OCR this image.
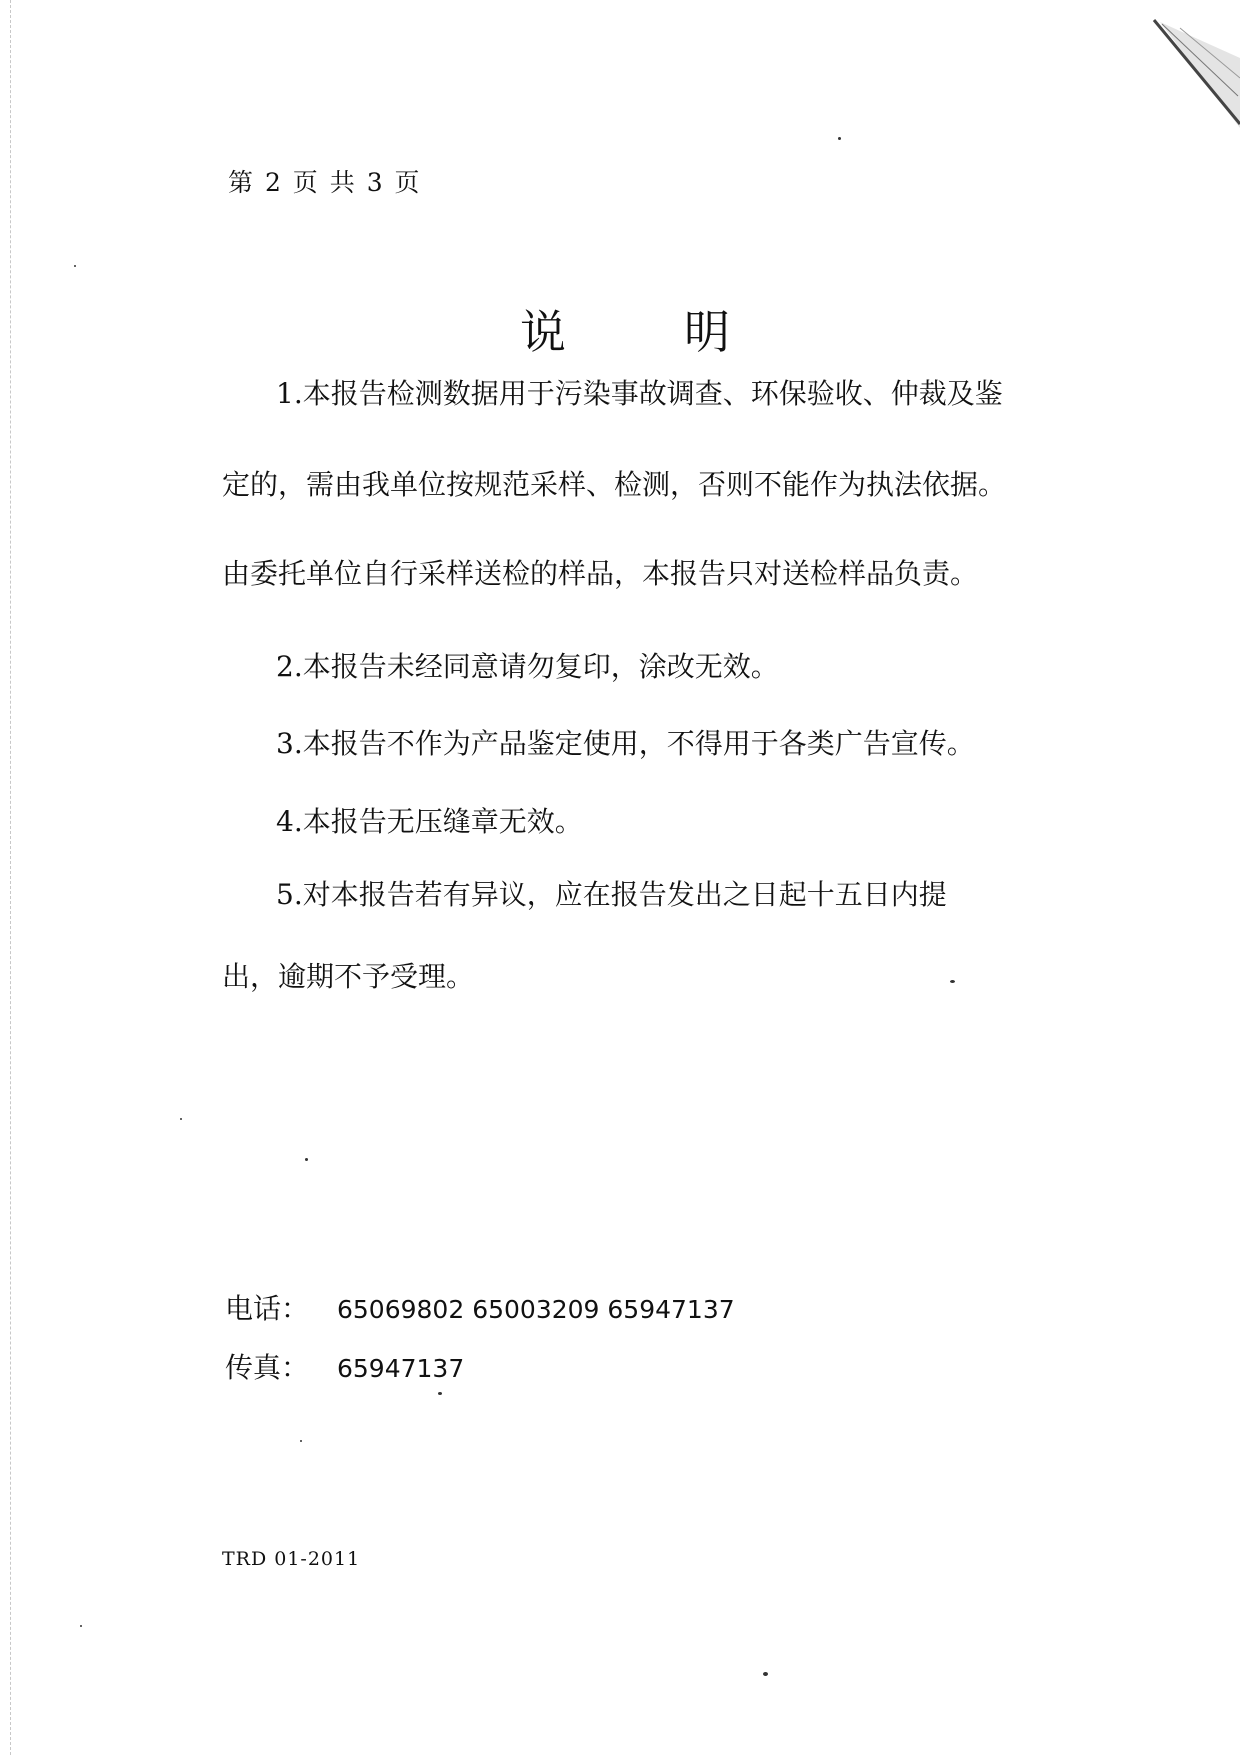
第 2 页 共 3 页
说明
1.本报告检测数据用于污染事故调查、环保验收、仲裁及鉴
定的，需由我单位按规范采样、检测，否则不能作为执法依据。
由委托单位自行采样送检的样品，本报告只对送检样品负责。
2.本报告未经同意请勿复印，涂改无效。
3.本报告不作为产品鉴定使用，不得用于各类广告宣传。
4.本报告无压缝章无效。
5.对本报告若有异议，应在报告发出之日起十五日内提
出，逾期不予受理。
电话： 65069802 65003209 65947137
传真： 65947137
TRD 01-2011
